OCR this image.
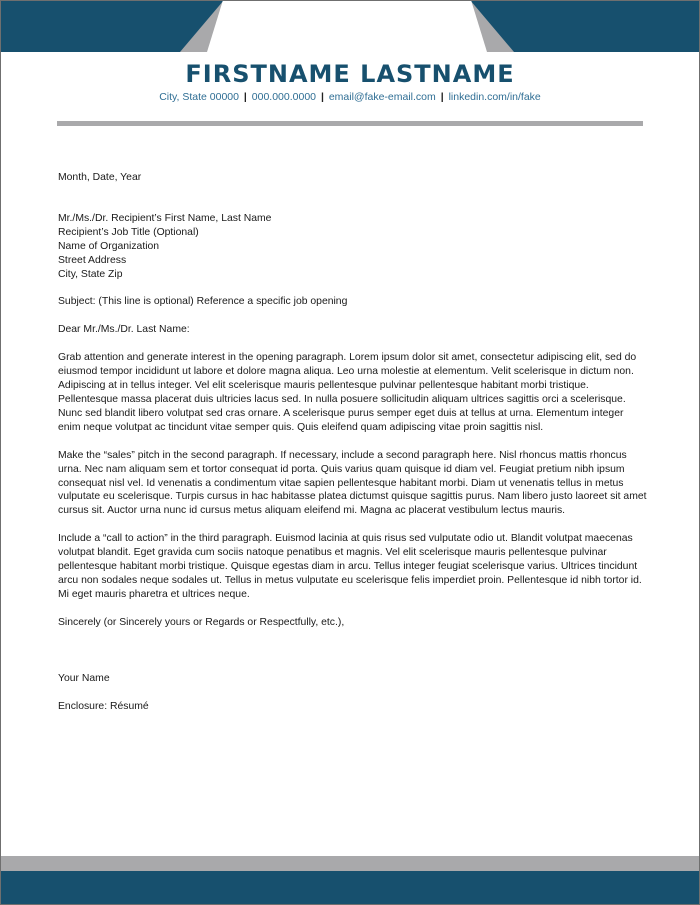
FIRSTNAME LASTNAME
City, State 00000 | 000.000.0000 | email@fake-email.com | linkedin.com/in/fake

Month, Date, Year

Mr./Ms./Dr. Recipient’s First Name, Last Name

Recipient’s Job Title (Optional)

Name of Organization

Street Address

City, State Zip

Subject: (This line is optional) Reference a specific job opening

Dear Mr./Ms./Dr. Last Name:

Grab attention and generate interest in the opening paragraph. Lorem ipsum dolor sit amet, consectetur adipiscing elit, sed do eiusmod tempor incididunt ut labore et dolore magna aliqua. Leo urna molestie at elementum. Velit scelerisque in dictum non. Adipiscing at in tellus integer. Vel elit scelerisque mauris pellentesque pulvinar pellentesque habitant morbi tristique. Pellentesque massa placerat duis ultricies lacus sed. In nulla posuere sollicitudin aliquam ultrices sagittis orci a scelerisque. Nunc sed blandit libero volutpat sed cras ornare. A scelerisque purus semper eget duis at tellus at urna. Elementum integer enim neque volutpat ac tincidunt vitae semper quis. Quis eleifend quam adipiscing vitae proin sagittis nisl.

Make the “sales” pitch in the second paragraph. If necessary, include a second paragraph here. Nisl rhoncus mattis rhoncus urna. Nec nam aliquam sem et tortor consequat id porta. Quis varius quam quisque id diam vel. Feugiat pretium nibh ipsum consequat nisl vel. Id venenatis a condimentum vitae sapien pellentesque habitant morbi. Diam ut venenatis tellus in metus vulputate eu scelerisque. Turpis cursus in hac habitasse platea dictumst quisque sagittis purus. Nam libero justo laoreet sit amet cursus sit. Auctor urna nunc id cursus metus aliquam eleifend mi. Magna ac placerat vestibulum lectus mauris.

Include a “call to action” in the third paragraph. Euismod lacinia at quis risus sed vulputate odio ut. Blandit volutpat maecenas volutpat blandit. Eget gravida cum sociis natoque penatibus et magnis. Vel elit scelerisque mauris pellentesque pulvinar pellentesque habitant morbi tristique. Quisque egestas diam in arcu. Tellus integer feugiat scelerisque varius. Ultrices tincidunt arcu non sodales neque sodales ut. Tellus in metus vulputate eu scelerisque felis imperdiet proin. Pellentesque id nibh tortor id. Mi eget mauris pharetra et ultrices neque.

Sincerely (or Sincerely yours or Regards or Respectfully, etc.),

Your Name

Enclosure: Résumé
